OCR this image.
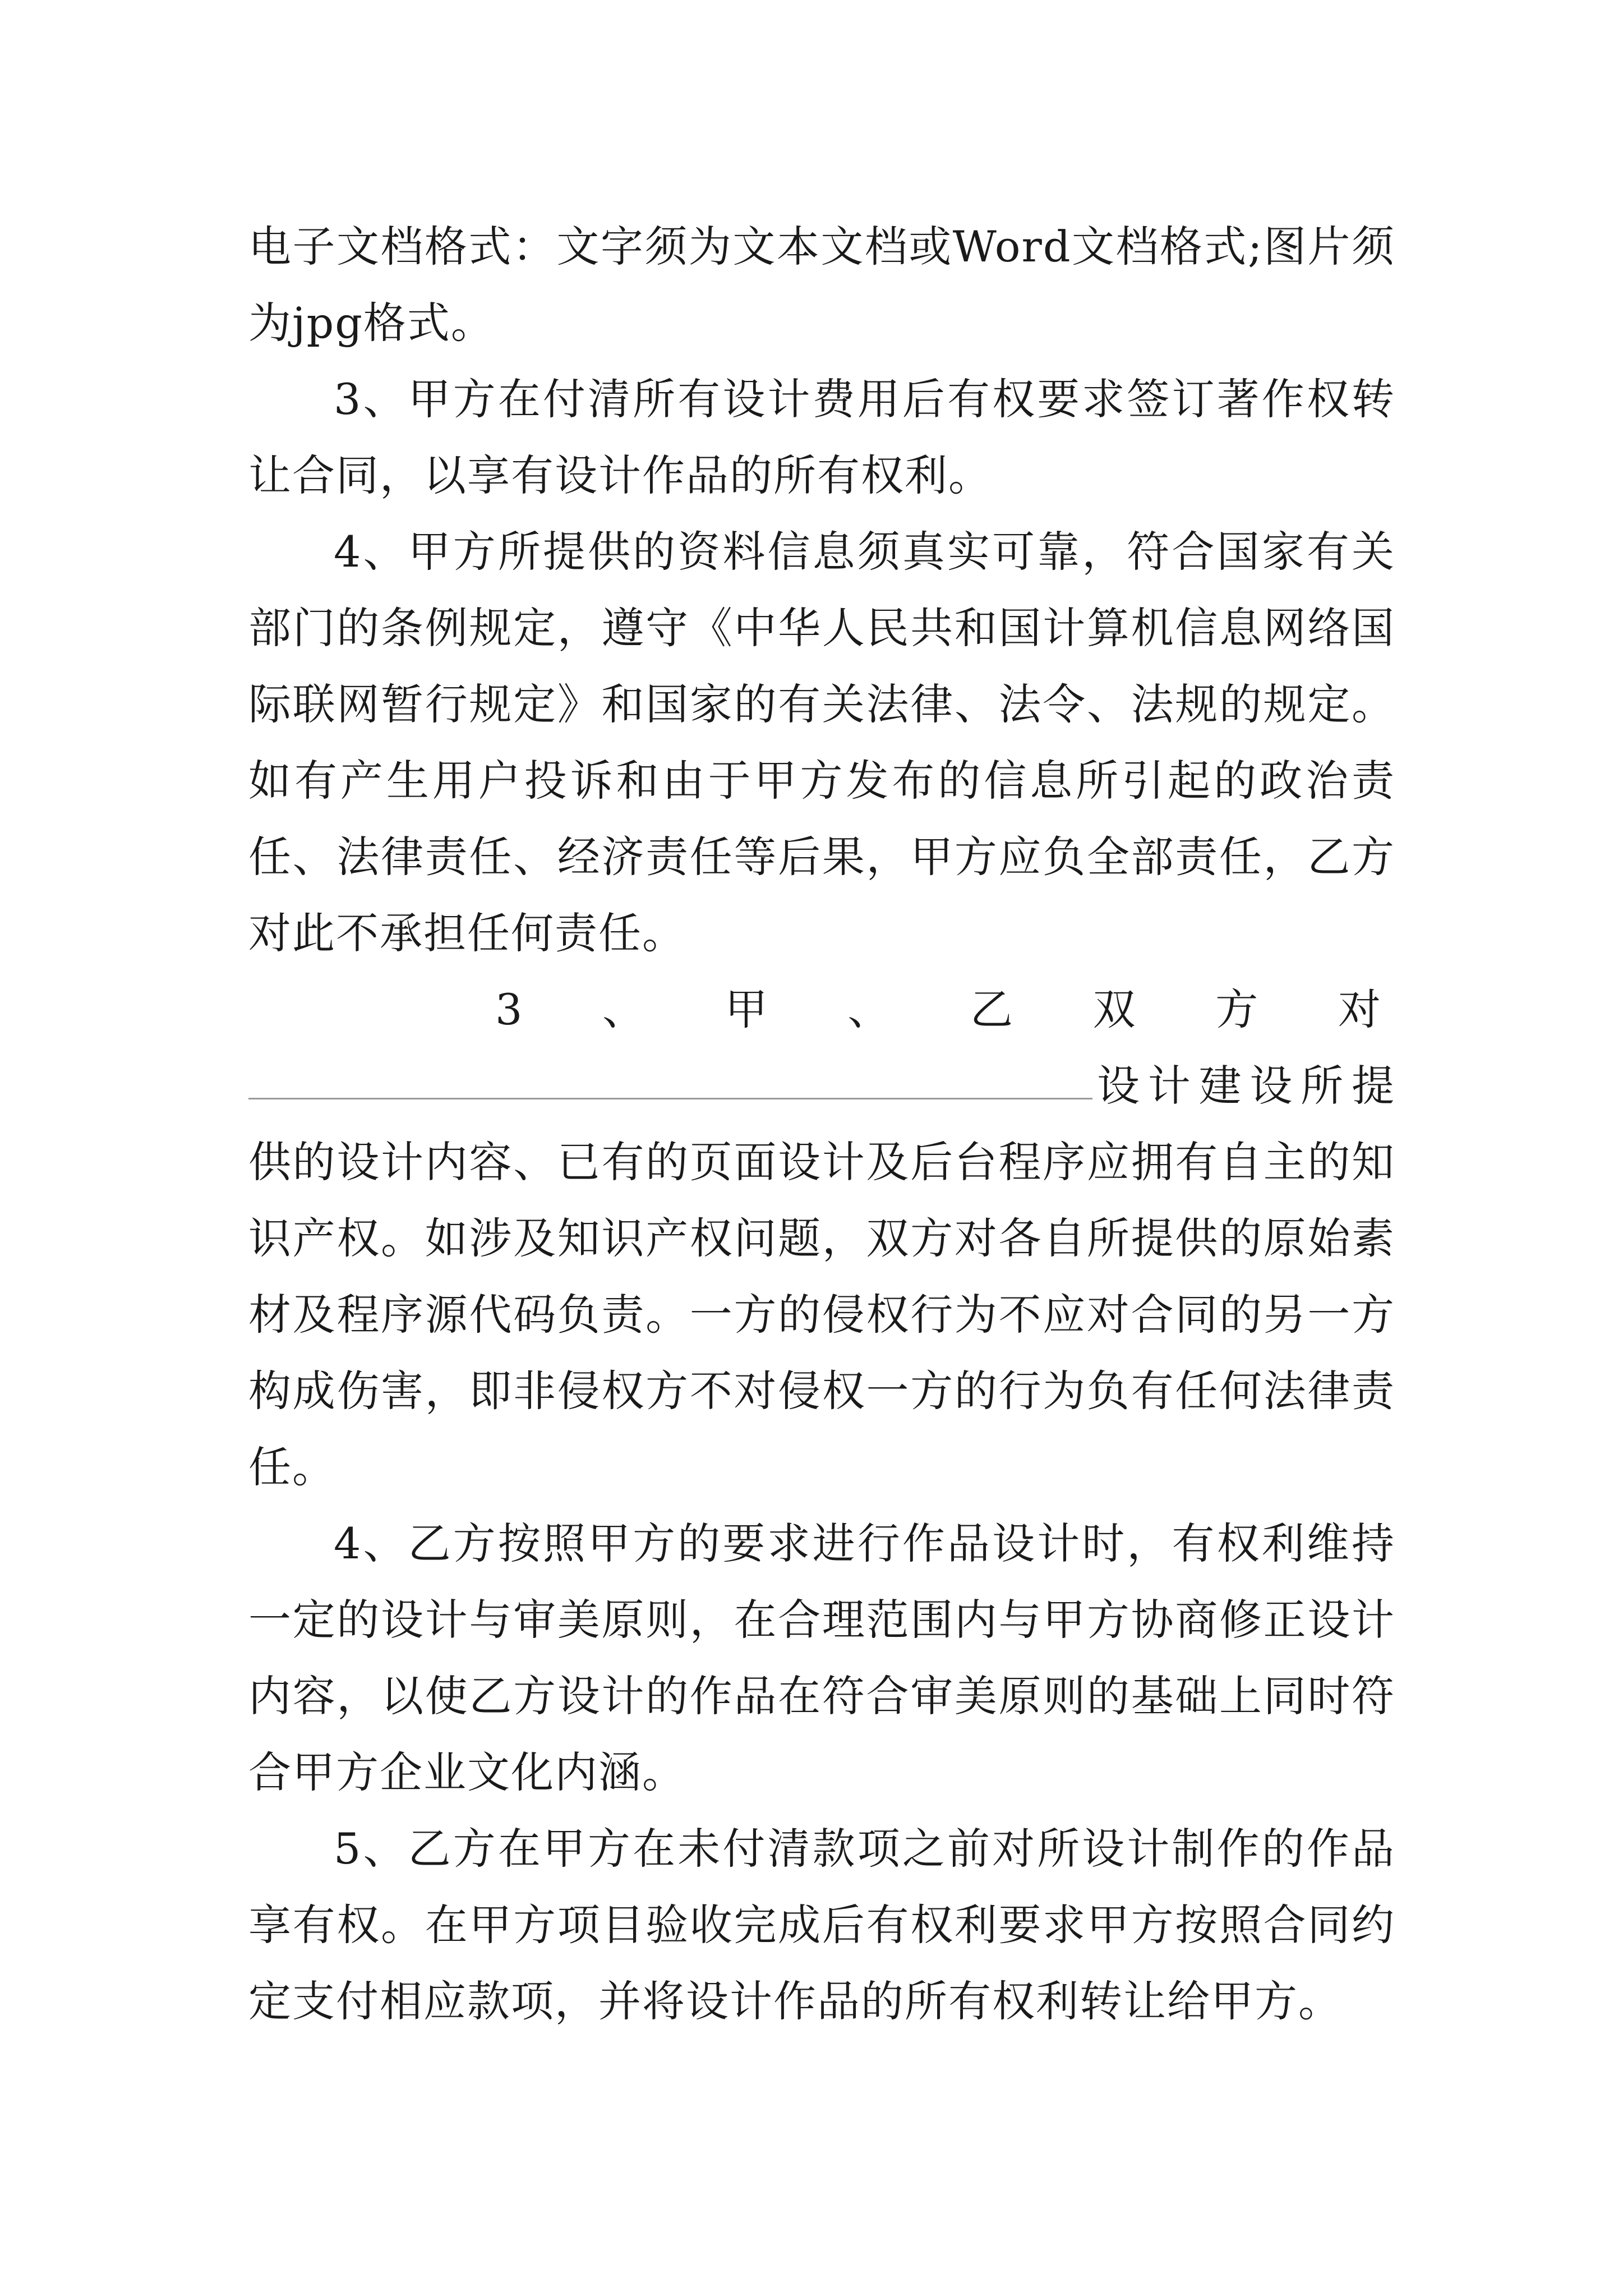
电子文档格式：文字须为文本文档或Word文档格式;图片须为jpg格式。

3、甲方在付清所有设计费用后有权要求签订著作权转让合同，以享有设计作品的所有权利。

4、甲方所提供的资料信息须真实可靠，符合国家有关部门的条例规定，遵守《中华人民共和国计算机信息网络国际联网暂行规定》和国家的有关法律、法令、法规的规定。如有产生用户投诉和由于甲方发布的信息所引起的政治责任、法律责任、经济责任等后果，甲方应负全部责任，乙方对此不承担任何责任。

3 、 甲 、 乙 双 方 对
设 计 建 设 所 提

供的设计内容、已有的页面设计及后台程序应拥有自主的知识产权。如涉及知识产权问题，双方对各自所提供的原始素材及程序源代码负责。一方的侵权行为不应对合同的另一方构成伤害，即非侵权方不对侵权一方的行为负有任何法律责任。

4、乙方按照甲方的要求进行作品设计时，有权利维持一定的设计与审美原则，在合理范围内与甲方协商修正设计内容，以使乙方设计的作品在符合审美原则的基础上同时符合甲方企业文化内涵。

5、乙方在甲方在未付清款项之前对所设计制作的作品享有权。在甲方项目验收完成后有权利要求甲方按照合同约定支付相应款项，并将设计作品的所有权利转让给甲方。
